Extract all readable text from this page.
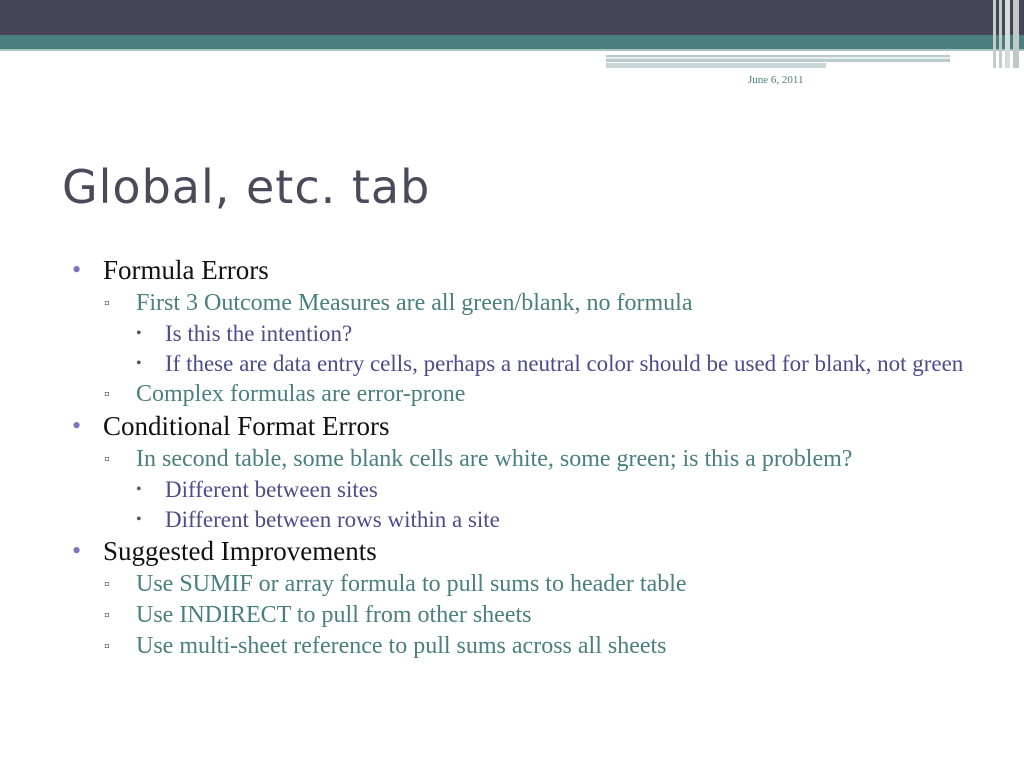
June 6, 2011
Global, etc. tab
• Formula Errors
▫ First 3 Outcome Measures are all green/blank, no formula
• Is this the intention?
• If these are data entry cells, perhaps a neutral color should be used for blank, not green
▫ Complex formulas are error-prone
• Conditional Format Errors
▫ In second table, some blank cells are white, some green; is this a problem?
• Different between sites
• Different between rows within a site
• Suggested Improvements
▫ Use SUMIF or array formula to pull sums to header table
▫ Use INDIRECT to pull from other sheets
▫ Use multi-sheet reference to pull sums across all sheets
